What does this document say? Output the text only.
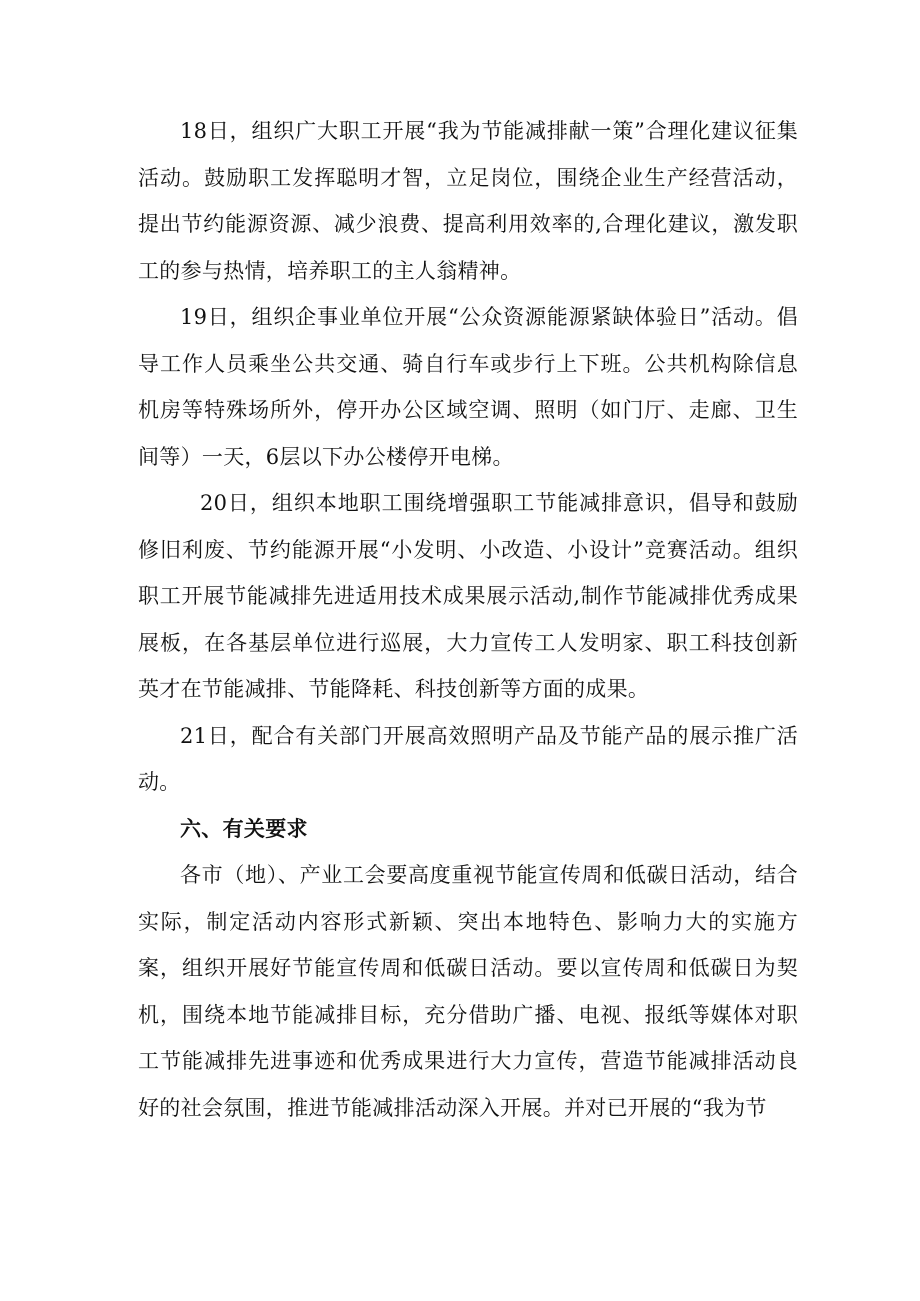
18日，组织广大职工开展“我为节能减排献一策”合理化建议征集活动。鼓励职工发挥聪明才智，立足岗位，围绕企业生产经营活动，提出节约能源资源、减少浪费、提高利用效率的,合理化建议，激发职工的参与热情，培养职工的主人翁精神。

19日，组织企事业单位开展“公众资源能源紧缺体验日”活动。倡导工作人员乘坐公共交通、骑自行车或步行上下班。公共机构除信息机房等特殊场所外，停开办公区域空调、照明（如门厅、走廊、卫生间等）一天，6层以下办公楼停开电梯。

20日，组织本地职工围绕增强职工节能减排意识，倡导和鼓励修旧利废、节约能源开展“小发明、小改造、小设计”竞赛活动。组织职工开展节能减排先进适用技术成果展示活动,制作节能减排优秀成果展板，在各基层单位进行巡展，大力宣传工人发明家、职工科技创新英才在节能减排、节能降耗、科技创新等方面的成果。

21日，配合有关部门开展高效照明产品及节能产品的展示推广活动。

六、有关要求

各市（地）、产业工会要高度重视节能宣传周和低碳日活动，结合实际，制定活动内容形式新颖、突出本地特色、影响力大的实施方案，组织开展好节能宣传周和低碳日活动。要以宣传周和低碳日为契机，围绕本地节能减排目标，充分借助广播、电视、报纸等媒体对职工节能减排先进事迹和优秀成果进行大力宣传，营造节能减排活动良好的社会氛围，推进节能减排活动深入开展。并对已开展的“我为节
